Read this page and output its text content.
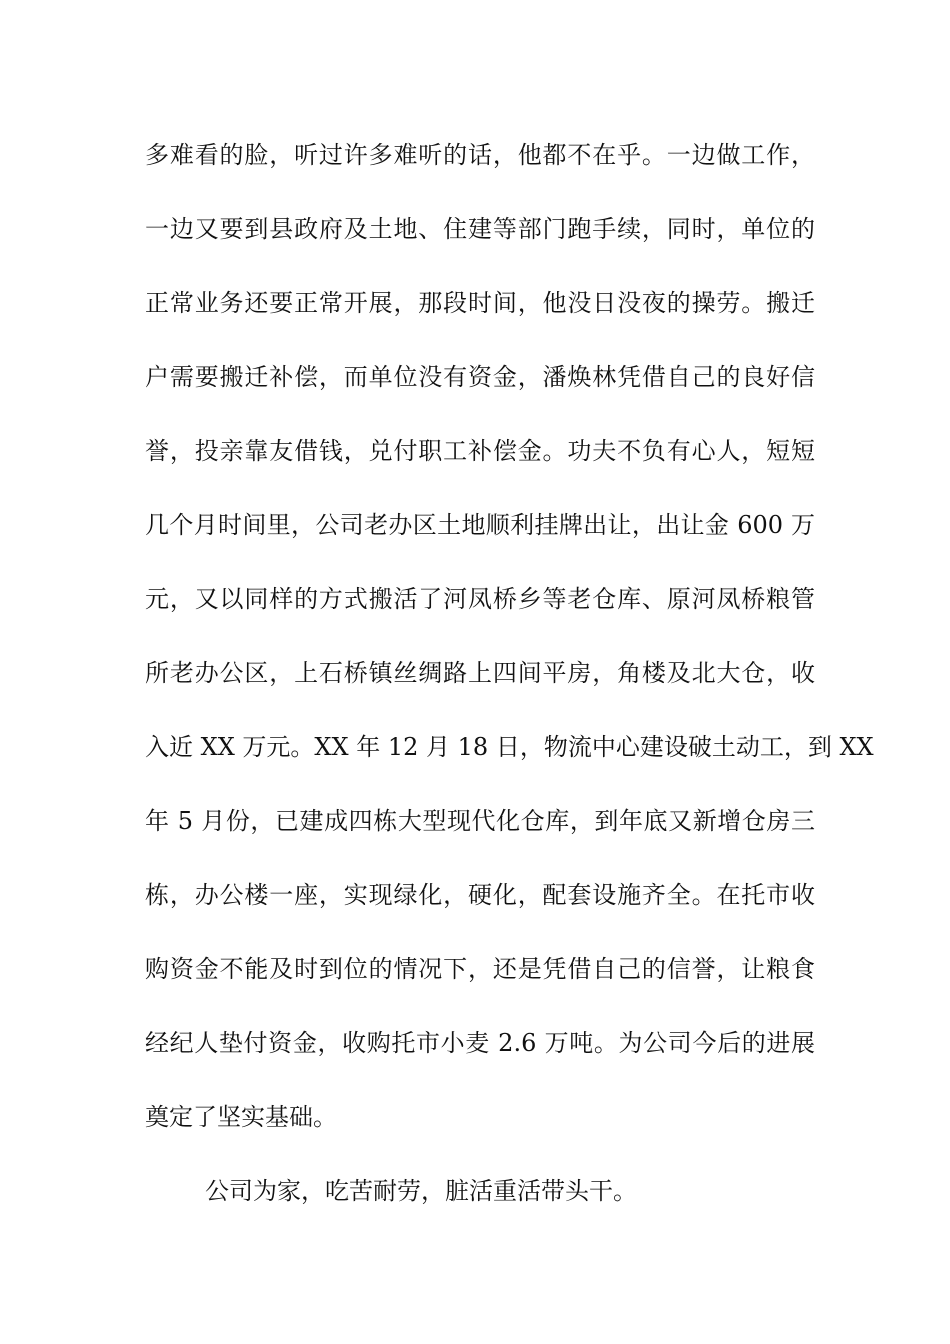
多难看的脸，听过许多难听的话，他都不在乎。一边做工作，
一边又要到县政府及土地、住建等部门跑手续，同时，单位的
正常业务还要正常开展，那段时间，他没日没夜的操劳。搬迁
户需要搬迁补偿，而单位没有资金，潘焕林凭借自己的良好信
誉，投亲靠友借钱，兑付职工补偿金。功夫不负有心人，短短
几个月时间里，公司老办区土地顺利挂牌出让，出让金 600 万
元，又以同样的方式搬活了河凤桥乡等老仓库、原河凤桥粮管
所老办公区，上石桥镇丝绸路上四间平房，角楼及北大仓，收
入近 XX 万元。XX 年 12 月 18 日，物流中心建设破土动工，到 XX
年 5 月份，已建成四栋大型现代化仓库，到年底又新增仓房三
栋，办公楼一座，实现绿化，硬化，配套设施齐全。在托市收
购资金不能及时到位的情况下，还是凭借自己的信誉，让粮食
经纪人垫付资金，收购托市小麦 2.6 万吨。为公司今后的进展
奠定了坚实基础。
公司为家，吃苦耐劳，脏活重活带头干。
